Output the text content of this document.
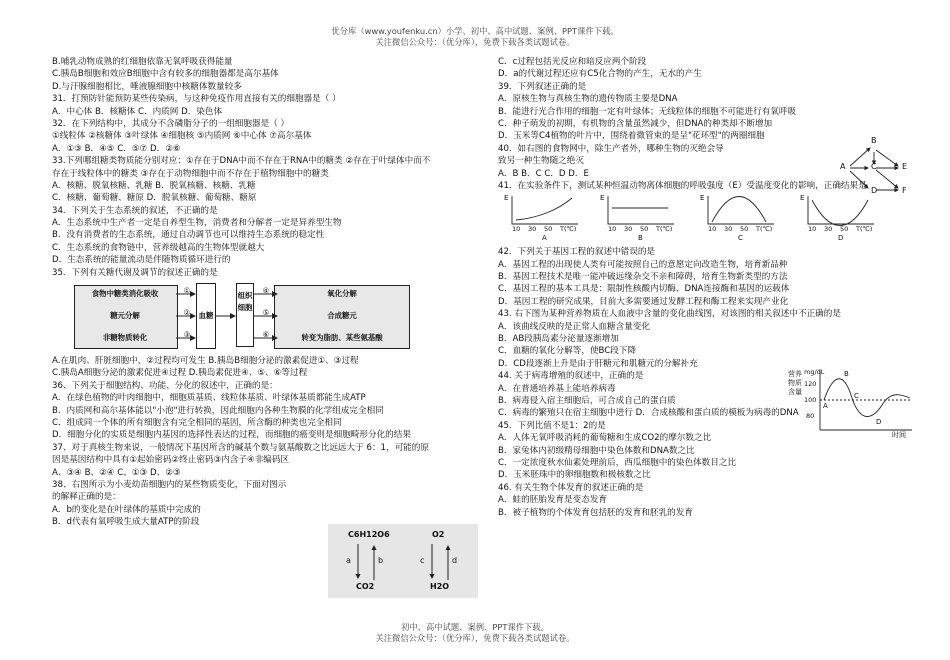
优分库（www.youfenku.cn）小学、初中、高中试题、案例、PPT课件下载。
关注微信公众号：（优分库），免费下载各类试题试卷。
B.哺乳动物成熟的红细胞依靠无氧呼吸获得能量
C.胰岛B细胞和效应B细胞中含有较多的细胞器都是高尔基体
D.与汗腺细胞相比，唾液腺细胞中核糖体数量较多
31．打预防针能预防某些传染病，与这种免疫作用直接有关的细胞器是（ ）
A．中心体 B．核糖体 C．内质网 D．染色体
32．在下列结构中，其成分不含磷脂分子的一组细胞器是（ ）
①线粒体 ②核糖体 ③叶绿体 ④细胞核 ⑤内质网 ⑥中心体 ⑦高尔基体
A．①③ B．④⑤ C．⑤⑦ D．②⑥
33.下列哪组糖类物质能分别对应：①存在于DNA中而不存在于RNA中的糖类 ②存在于叶绿体中而不
存在于线粒体中的糖类 ③存在于动物细胞中而不存在于植物细胞中的糖类
A．核糖、脱氧核糖、乳糖 B．脱氧核糖、核糖、乳糖
C．核糖、葡萄糖、糖原 D．脱氧核糖、葡萄糖、糖原
34．下列关于生态系统的叙述，不正确的是
A．生态系统中生产者一定是自养型生物，消费者和分解者一定是异养型生物
B．没有消费者的生态系统，通过自动调节也可以维持生态系统的稳定性
C．生态系统的食物链中，营养级越高的生物体型就越大
D．生态系统的能量流动是伴随物质循环进行的
35．下列有关糖代谢及调节的叙述正确的是
食物中糖类消化吸收
糖元分解
非糖物质转化
血糖
组织细胞
氧化分解
合成糖元
转变为脂肪、某些氨基酸
①
②
③
④
⑤
⑥
A.在肌肉、肝脏细胞中，②过程均可发生 B.胰岛B细胞分泌的激素促进①、③过程
C.胰岛A细胞分泌的激素促进④过程 D.胰岛素促进④、⑤、⑥等过程
36、下列关于细胞结构、功能、分化的叙述中，正确的是：
A．在绿色植物的叶肉细胞中，细胞质基质、线粒体基质、叶绿体基质都能生成ATP
B．内质网和高尔基体能以"小泡"进行转换，因此细胞内各种生物膜的化学组成完全相同
C．组成同一个体的所有细胞含有完全相同的基因，所含酶的种类也完全相同
D．细胞分化的实质是细胞内基因的选择性表达的过程，而细胞的癌变则是细胞畸形分化的结果
37、对于真核生物来说，一般情况下基因所含的碱基个数与氨基酸数之比远远大于 6：1，可能的原
因是基因结构中具有①起始密码②终止密码③内含子④非编码区
A、③④ B、②④ C、①③ D、②③
38、右图所示为小麦幼苗细胞内的某些物质变化，下面对图示
的解释正确的是：
A．b的变化是在叶绿体的基质中完成的
B．d代表有氧呼吸生成大量ATP的阶段
C6H12O6
CO2
O2
H2O
a	b	c	d
C．c过程包括光反应和暗反应两个阶段
D．a的代谢过程还应有C5化合物的产生，无水的产生
39．下列叙述正确的是
A．原核生物与真核生物的遗传物质主要是DNA
B．能进行光合作用的细胞一定有叶绿体；无线粒体的细胞不可能进行有氧呼吸
C．种子萌发的初期，有机物的含量虽然减少，但DNA的种类却不断增加
D．玉米等C4植物的叶片中，围绕着微管束的是呈"花环型"的两圈细胞
40．如右图的食物网中，除生产者外，哪种生物的灭绝会导
致另一种生物随之绝灭
A．B B．C C．D D．E
41．在实验条件下，测试某种恒温动物离体细胞的呼吸强度（E）受温度变化的影响，正确结果是
E	E	E	E
10 30 50 T(℃)	10 30 50 T(℃)	10 30 50 T(℃)	10 30 50 T(℃)
A	B	C	D
42．下列关于基因工程的叙述中错误的是
A．基因工程的出现使人类有可能按照自己的意愿定向改造生物，培育新品种
B．基因工程技术是唯一能冲破远缘杂交不亲和障碍，培育生物新类型的方法
C．基因工程的基本工具是：限制性核酸内切酶、DNA连接酶和基因的运载体
D．基因工程的研究成果，目前大多需要通过发酵工程和酶工程来实现产业化
43. 右下图为某种营养物质在人血液中含量的变化曲线图，对该图的相关叙述中不正确的是
A．该曲线反映的是正常人血糖含量变化
B．AB段胰岛素分泌量逐渐增加
C．血糖的氧化分解等，使BC段下降
D．CD段逐渐上升是由于肝糖元和肌糖元的分解补充
44. 关于病毒增殖的叙述中，正确的是
A．在普通培养基上能培养病毒
B．病毒侵入宿主细胞后，可合成自己的蛋白质
C．病毒的繁殖只在宿主细胞中进行 D．合成核酸和蛋白质的模板为病毒的DNA
45．下列比值不是1：2的是
A．人体无氧呼吸消耗的葡萄糖和生成CO2的摩尔数之比
B．家兔体内初级精母细胞中染色体数和DNA数之比
C．一定浓度秋水仙素处理前后，西瓜细胞中的染色体数目之比
D．玉米胚珠中的卵细胞数和极核数之比
46. 有关生物个体发育的叙述正确的是
A．蛙的胚胎发育是变态发育
B．被子植物的个体发育包括胚的发育和胚乳的发育
A
B
C
D
E
F
营养物质含量
mg/dL
120
100
80
A
B
C
D
时间
初中、高中试题、案例、PPT课件下载。
关注微信公众号：（优分库），免费下载各类试题试卷。
